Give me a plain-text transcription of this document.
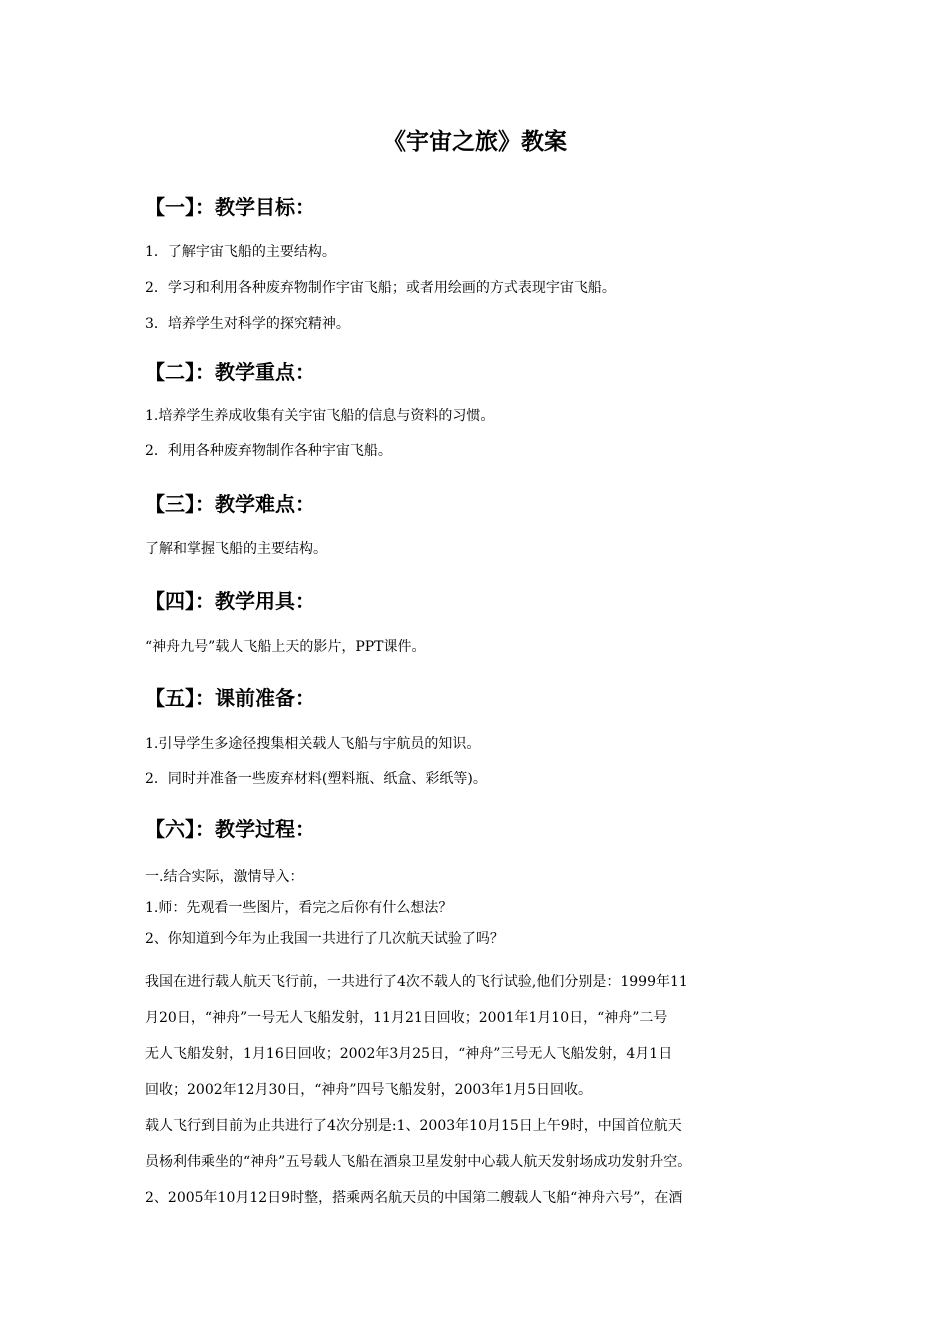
《宇宙之旅》教案
【一】：教学目标：
1．了解宇宙飞船的主要结构。
2．学习和利用各种废弃物制作宇宙飞船；或者用绘画的方式表现宇宙飞船。
3．培养学生对科学的探究精神。
【二】：教学重点：
1.培养学生养成收集有关宇宙飞船的信息与资料的习惯。
2．利用各种废弃物制作各种宇宙飞船。
【三】：教学难点：
了解和掌握飞船的主要结构。
【四】：教学用具：
“神舟九号”载人飞船上天的影片，PPT课件。
【五】：课前准备：
1.引导学生多途径搜集相关载人飞船与宇航员的知识。
2．同时并准备一些废弃材料(塑料瓶、纸盒、彩纸等)。
【六】：教学过程：
一.结合实际，激情导入：
1.师：先观看一些图片，看完之后你有什么想法？
2、你知道到今年为止我国一共进行了几次航天试验了吗？

我国在进行载人航天飞行前，一共进行了4次不载人的飞行试验,他们分别是：1999年11
月20日，“神舟”一号无人飞船发射，11月21日回收；2001年1月10日，“神舟”二号
无人飞船发射，1月16日回收；2002年3月25日，“神舟”三号无人飞船发射，4月1日
回收；2002年12月30日，“神舟”四号飞船发射，2003年1月5日回收。

载人飞行到目前为止共进行了4次分别是:1、2003年10月15日上午9时，中国首位航天
员杨利伟乘坐的“神舟”五号载人飞船在酒泉卫星发射中心载人航天发射场成功发射升空。
2、2005年10月12日9时整，搭乘两名航天员的中国第二艘载人飞船“神舟六号”，在酒
